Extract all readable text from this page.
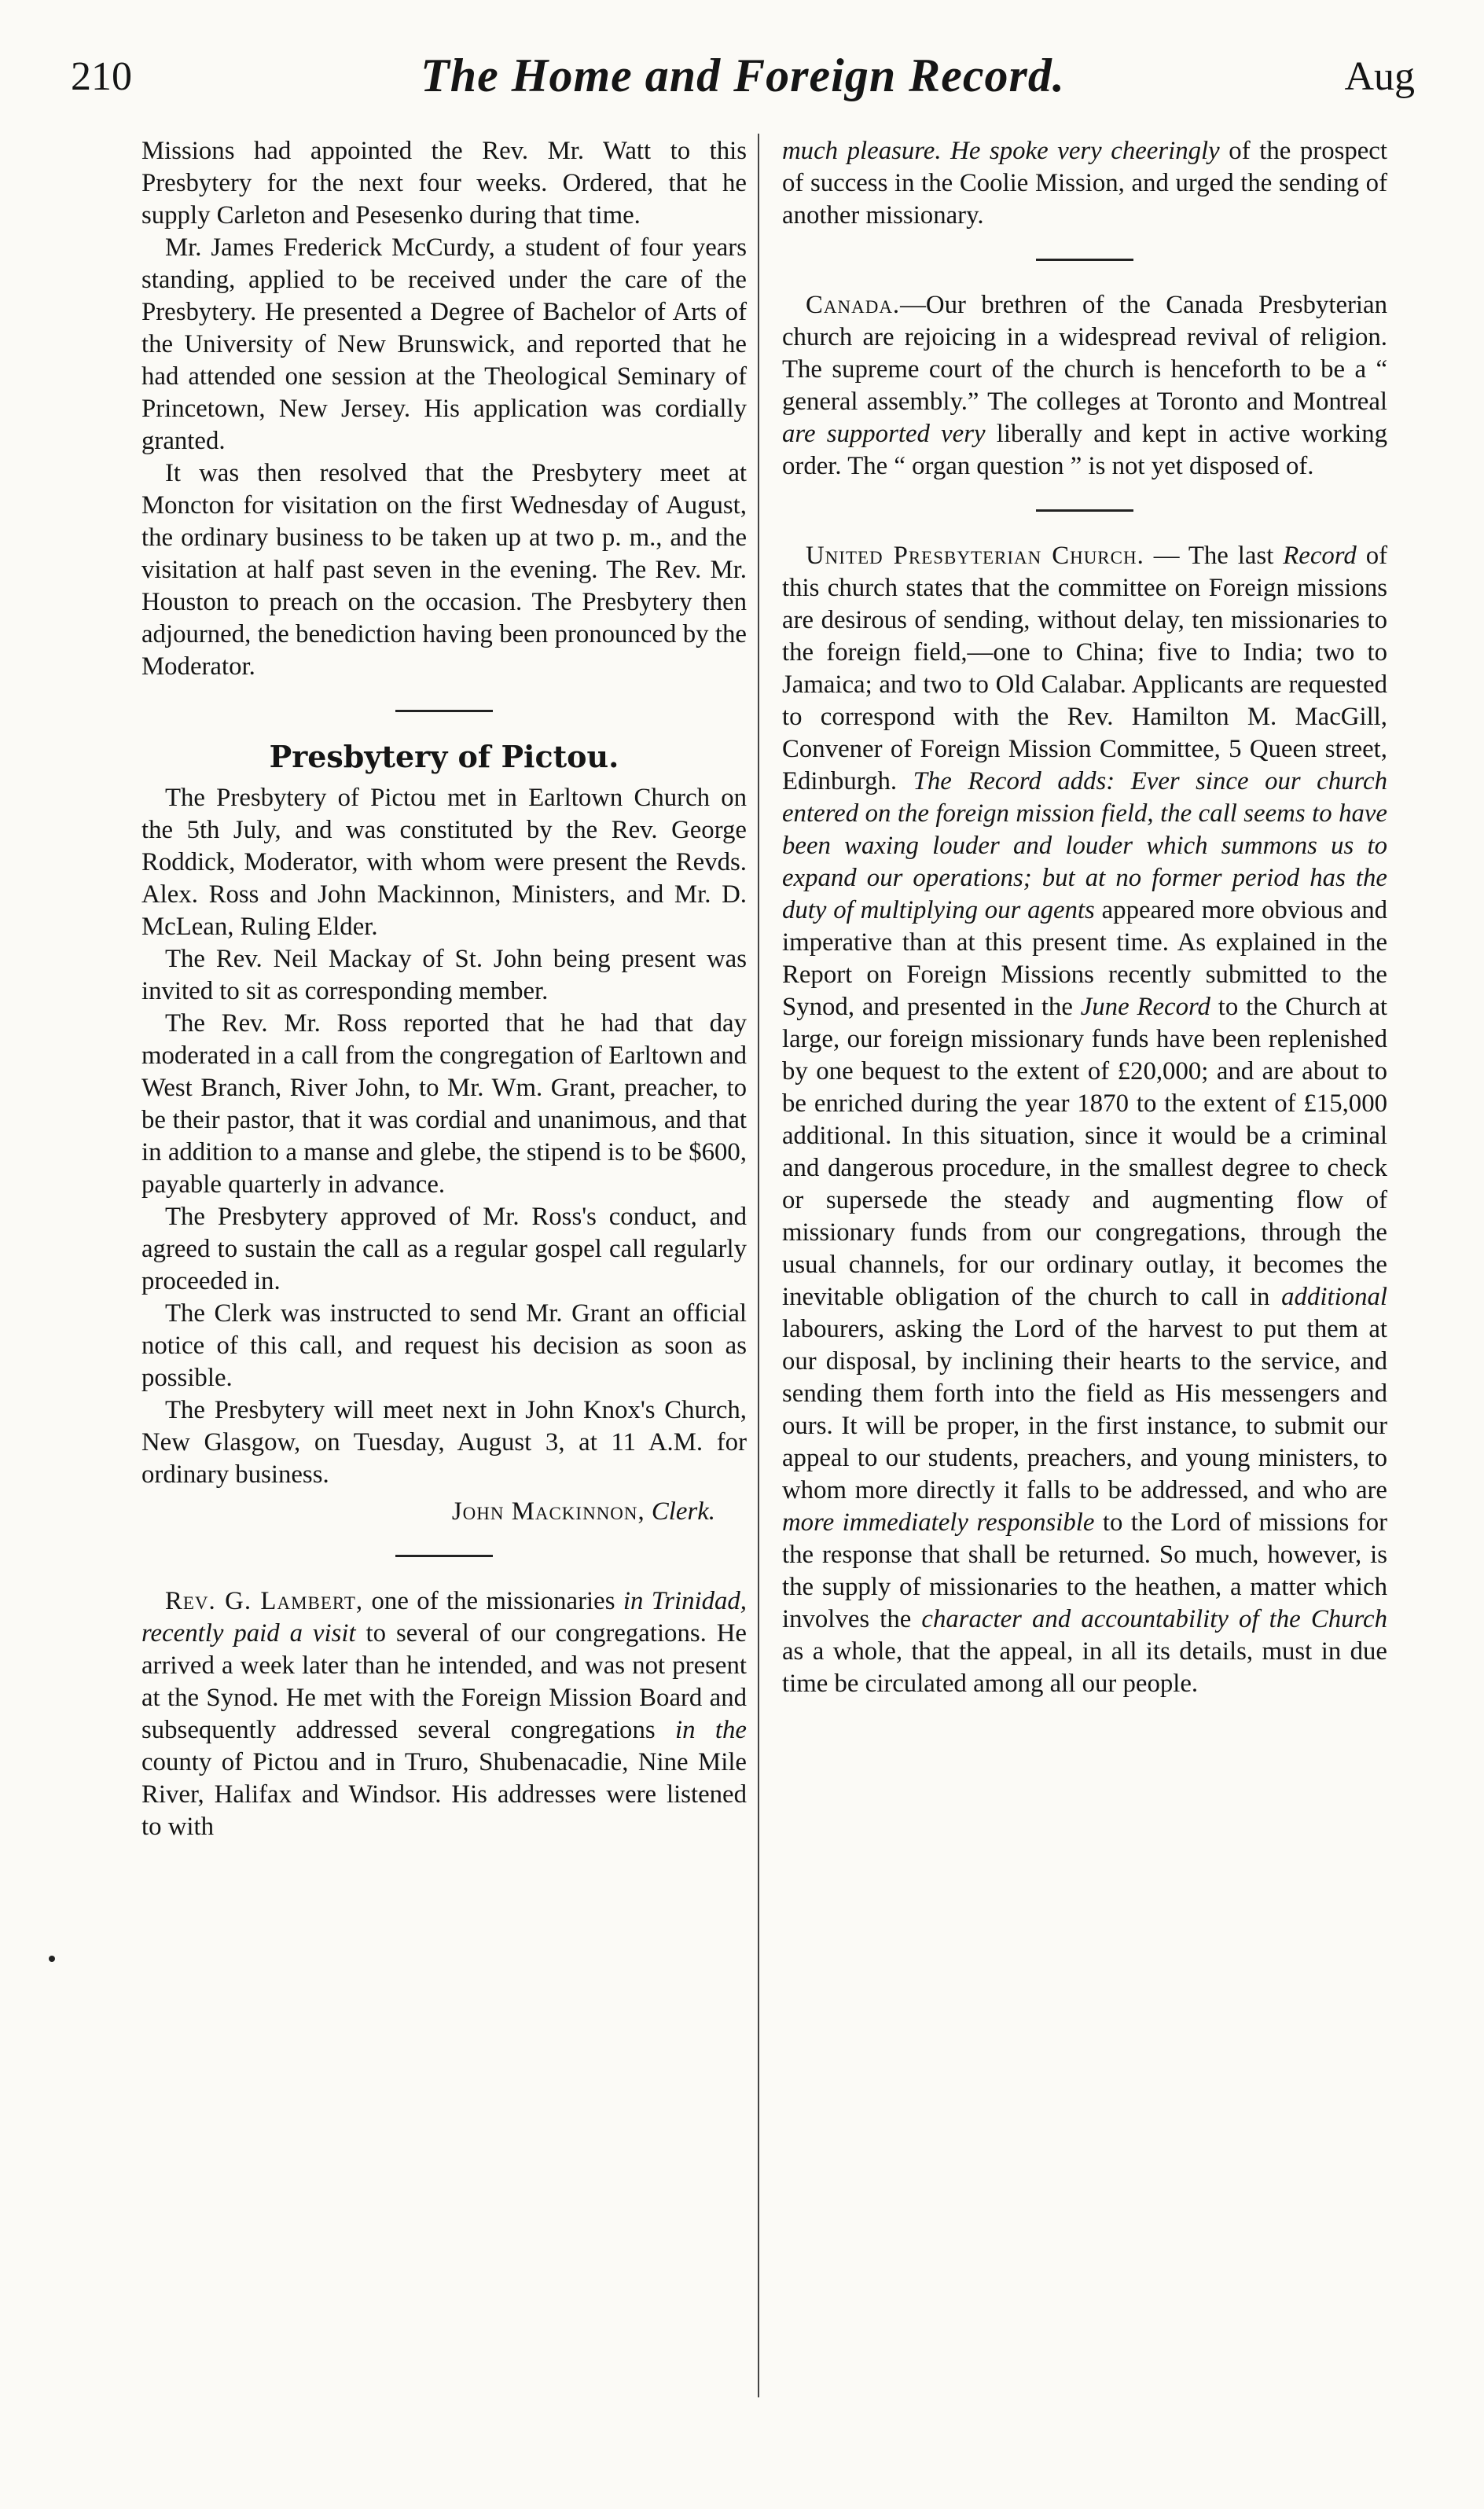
210	The Home and Foreign Record.	Aug

Missions had appointed the Rev. Mr. Watt to this Presbytery for the next four weeks. Ordered, that he supply Carleton and Pesesenko during that time.

Mr. James Frederick McCurdy, a student of four years standing, applied to be received under the care of the Presbytery. He presented a Degree of Bachelor of Arts of the University of New Brunswick, and reported that he had attended one session at the Theological Seminary of Princetown, New Jersey. His application was cordially granted.

It was then resolved that the Presbytery meet at Moncton for visitation on the first Wednesday of August, the ordinary business to be taken up at two p. m., and the visitation at half past seven in the evening. The Rev. Mr. Houston to preach on the occasion. The Presbytery then adjourned, the benediction having been pronounced by the Moderator.

Presbytery of Pictou.

The Presbytery of Pictou met in Earltown Church on the 5th July, and was constituted by the Rev. George Roddick, Moderator, with whom were present the Revds. Alex. Ross and John Mackinnon, Ministers, and Mr. D. McLean, Ruling Elder.

The Rev. Neil Mackay of St. John being present was invited to sit as corresponding member.

The Rev. Mr. Ross reported that he had that day moderated in a call from the congregation of Earltown and West Branch, River John, to Mr. Wm. Grant, preacher, to be their pastor, that it was cordial and unanimous, and that in addition to a manse and glebe, the stipend is to be $600, payable quarterly in advance.

The Presbytery approved of Mr. Ross's conduct, and agreed to sustain the call as a regular gospel call regularly proceeded in.

The Clerk was instructed to send Mr. Grant an official notice of this call, and request his decision as soon as possible.

The Presbytery will meet next in John Knox's Church, New Glasgow, on Tuesday, August 3, at 11 A.M. for ordinary business.

John Mackinnon, Clerk.

Rev. G. Lambert, one of the missionaries in Trinidad, recently paid a visit to several of our congregations. He arrived a week later than he intended, and was not present at the Synod. He met with the Foreign Mission Board and subsequently addressed several congregations in the county of Pictou and in Truro, Shubenacadie, Nine Mile River, Halifax and Windsor. His addresses were listened to with

much pleasure. He spoke very cheeringly of the prospect of success in the Coolie Mission, and urged the sending of another missionary.

Canada.—Our brethren of the Canada Presbyterian church are rejoicing in a widespread revival of religion. The supreme court of the church is henceforth to be a “ general assembly.” The colleges at Toronto and Montreal are supported very liberally and kept in active working order. The “ organ question ” is not yet disposed of.

United Presbyterian Church. — The last Record of this church states that the committee on Foreign missions are desirous of sending, without delay, ten missionaries to the foreign field,—one to China; five to India; two to Jamaica; and two to Old Calabar. Applicants are requested to correspond with the Rev. Hamilton M. MacGill, Convener of Foreign Mission Committee, 5 Queen street, Edinburgh. The Record adds: Ever since our church entered on the foreign mission field, the call seems to have been waxing louder and louder which summons us to expand our operations; but at no former period has the duty of multiplying our agents appeared more obvious and imperative than at this present time. As explained in the Report on Foreign Missions recently submitted to the Synod, and presented in the June Record to the Church at large, our foreign missionary funds have been replenished by one bequest to the extent of £20,000; and are about to be enriched during the year 1870 to the extent of £15,000 additional. In this situation, since it would be a criminal and dangerous procedure, in the smallest degree to check or supersede the steady and augmenting flow of missionary funds from our congregations, through the usual channels, for our ordinary outlay, it becomes the inevitable obligation of the church to call in additional labourers, asking the Lord of the harvest to put them at our disposal, by inclining their hearts to the service, and sending them forth into the field as His messengers and ours. It will be proper, in the first instance, to submit our appeal to our students, preachers, and young ministers, to whom more directly it falls to be addressed, and who are more immediately responsible to the Lord of missions for the response that shall be returned. So much, however, is the supply of missionaries to the heathen, a matter which involves the character and accountability of the Church as a whole, that the appeal, in all its details, must in due time be circulated among all our people.
